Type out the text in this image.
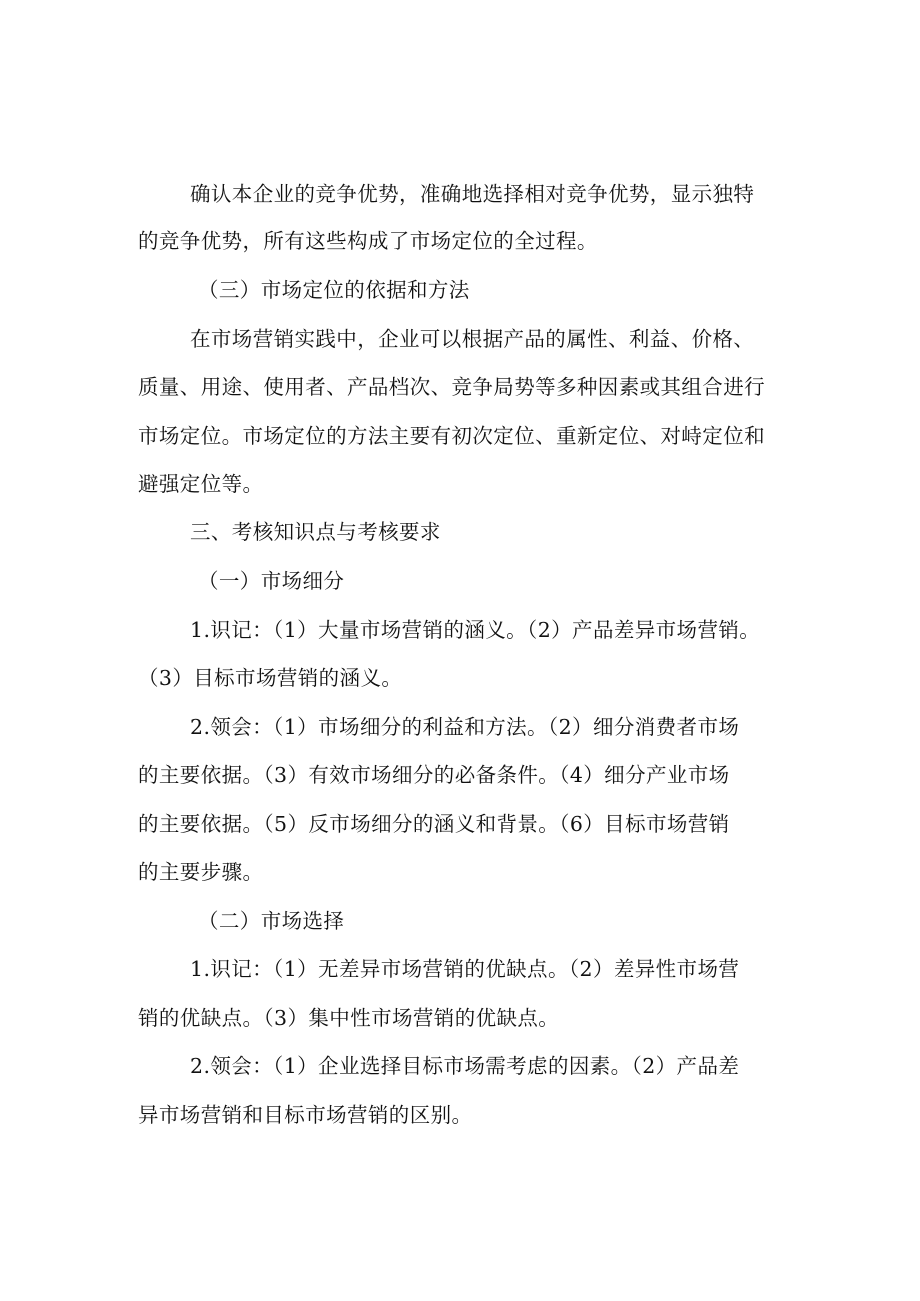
确认本企业的竞争优势，准确地选择相对竞争优势，显示独特
的竞争优势，所有这些构成了市场定位的全过程。
（三）市场定位的依据和方法
在市场营销实践中，企业可以根据产品的属性、利益、价格、
质量、用途、使用者、产品档次、竞争局势等多种因素或其组合进行
市场定位。市场定位的方法主要有初次定位、重新定位、对峙定位和
避强定位等。
三、考核知识点与考核要求
（一）市场细分
1.识记：（1）大量市场营销的涵义。（2）产品差异市场营销。
（3）目标市场营销的涵义。
2.领会：（1）市场细分的利益和方法。（2）细分消费者市场
的主要依据。（3）有效市场细分的必备条件。（4）细分产业市场
的主要依据。（5）反市场细分的涵义和背景。（6）目标市场营销
的主要步骤。
（二）市场选择
1.识记：（1）无差异市场营销的优缺点。（2）差异性市场营
销的优缺点。（3）集中性市场营销的优缺点。
2.领会：（1）企业选择目标市场需考虑的因素。（2）产品差
异市场营销和目标市场营销的区别。
